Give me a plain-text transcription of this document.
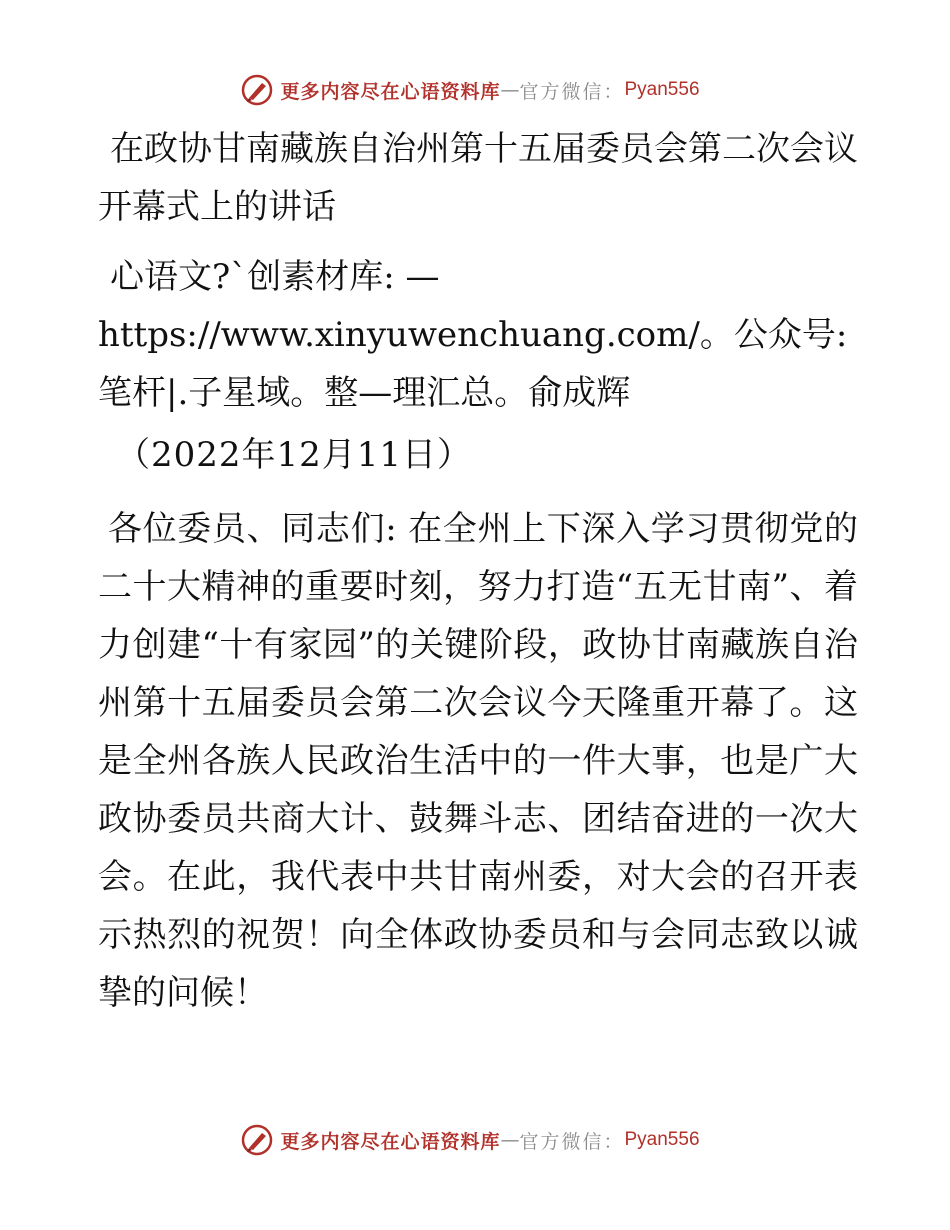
更多内容尽在心语资料库 — 官方微信： Pyan556

在政协甘南藏族自治州第十五届委员会第二次会议开幕式上的讲话

心语文?`创素材库: —https://www.xinyuwenchuang.com/。公众号: 笔杆|.子星域。整—理汇总。俞成辉

（2022年12月11日）

各位委员、同志们: 在全州上下深入学习贯彻党的二十大精神的重要时刻，努力打造“五无甘南”、着力创建“十有家园”的关键阶段，政协甘南藏族自治州第十五届委员会第二次会议今天隆重开幕了。这是全州各族人民政治生活中的一件大事，也是广大政协委员共商大计、鼓舞斗志、团结奋进的一次大会。在此，我代表中共甘南州委，对大会的召开表示热烈的祝贺！向全体政协委员和与会同志致以诚挚的问候！

更多内容尽在心语资料库 — 官方微信： Pyan556
